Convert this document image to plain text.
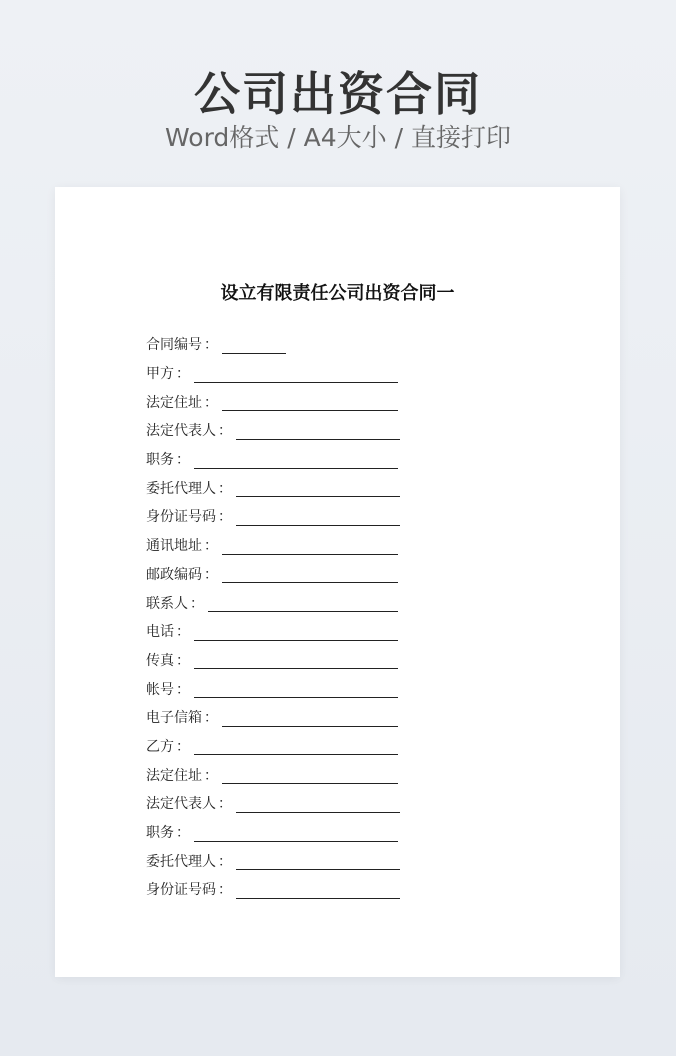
公司出资合同
Word格式 / A4大小 / 直接打印
设立有限责任公司出资合同一
合同编号 ：
甲方 ：
法定住址 ：
法定代表人 ：
职务 ：
委托代理人 ：
身份证号码 ：
通讯地址 ：
邮政编码 ：
联系人 ：
电话 ：
传真 ：
帐号 ：
电子信箱 ：
乙方 ：
法定住址 ：
法定代表人 ：
职务 ：
委托代理人 ：
身份证号码 ：
